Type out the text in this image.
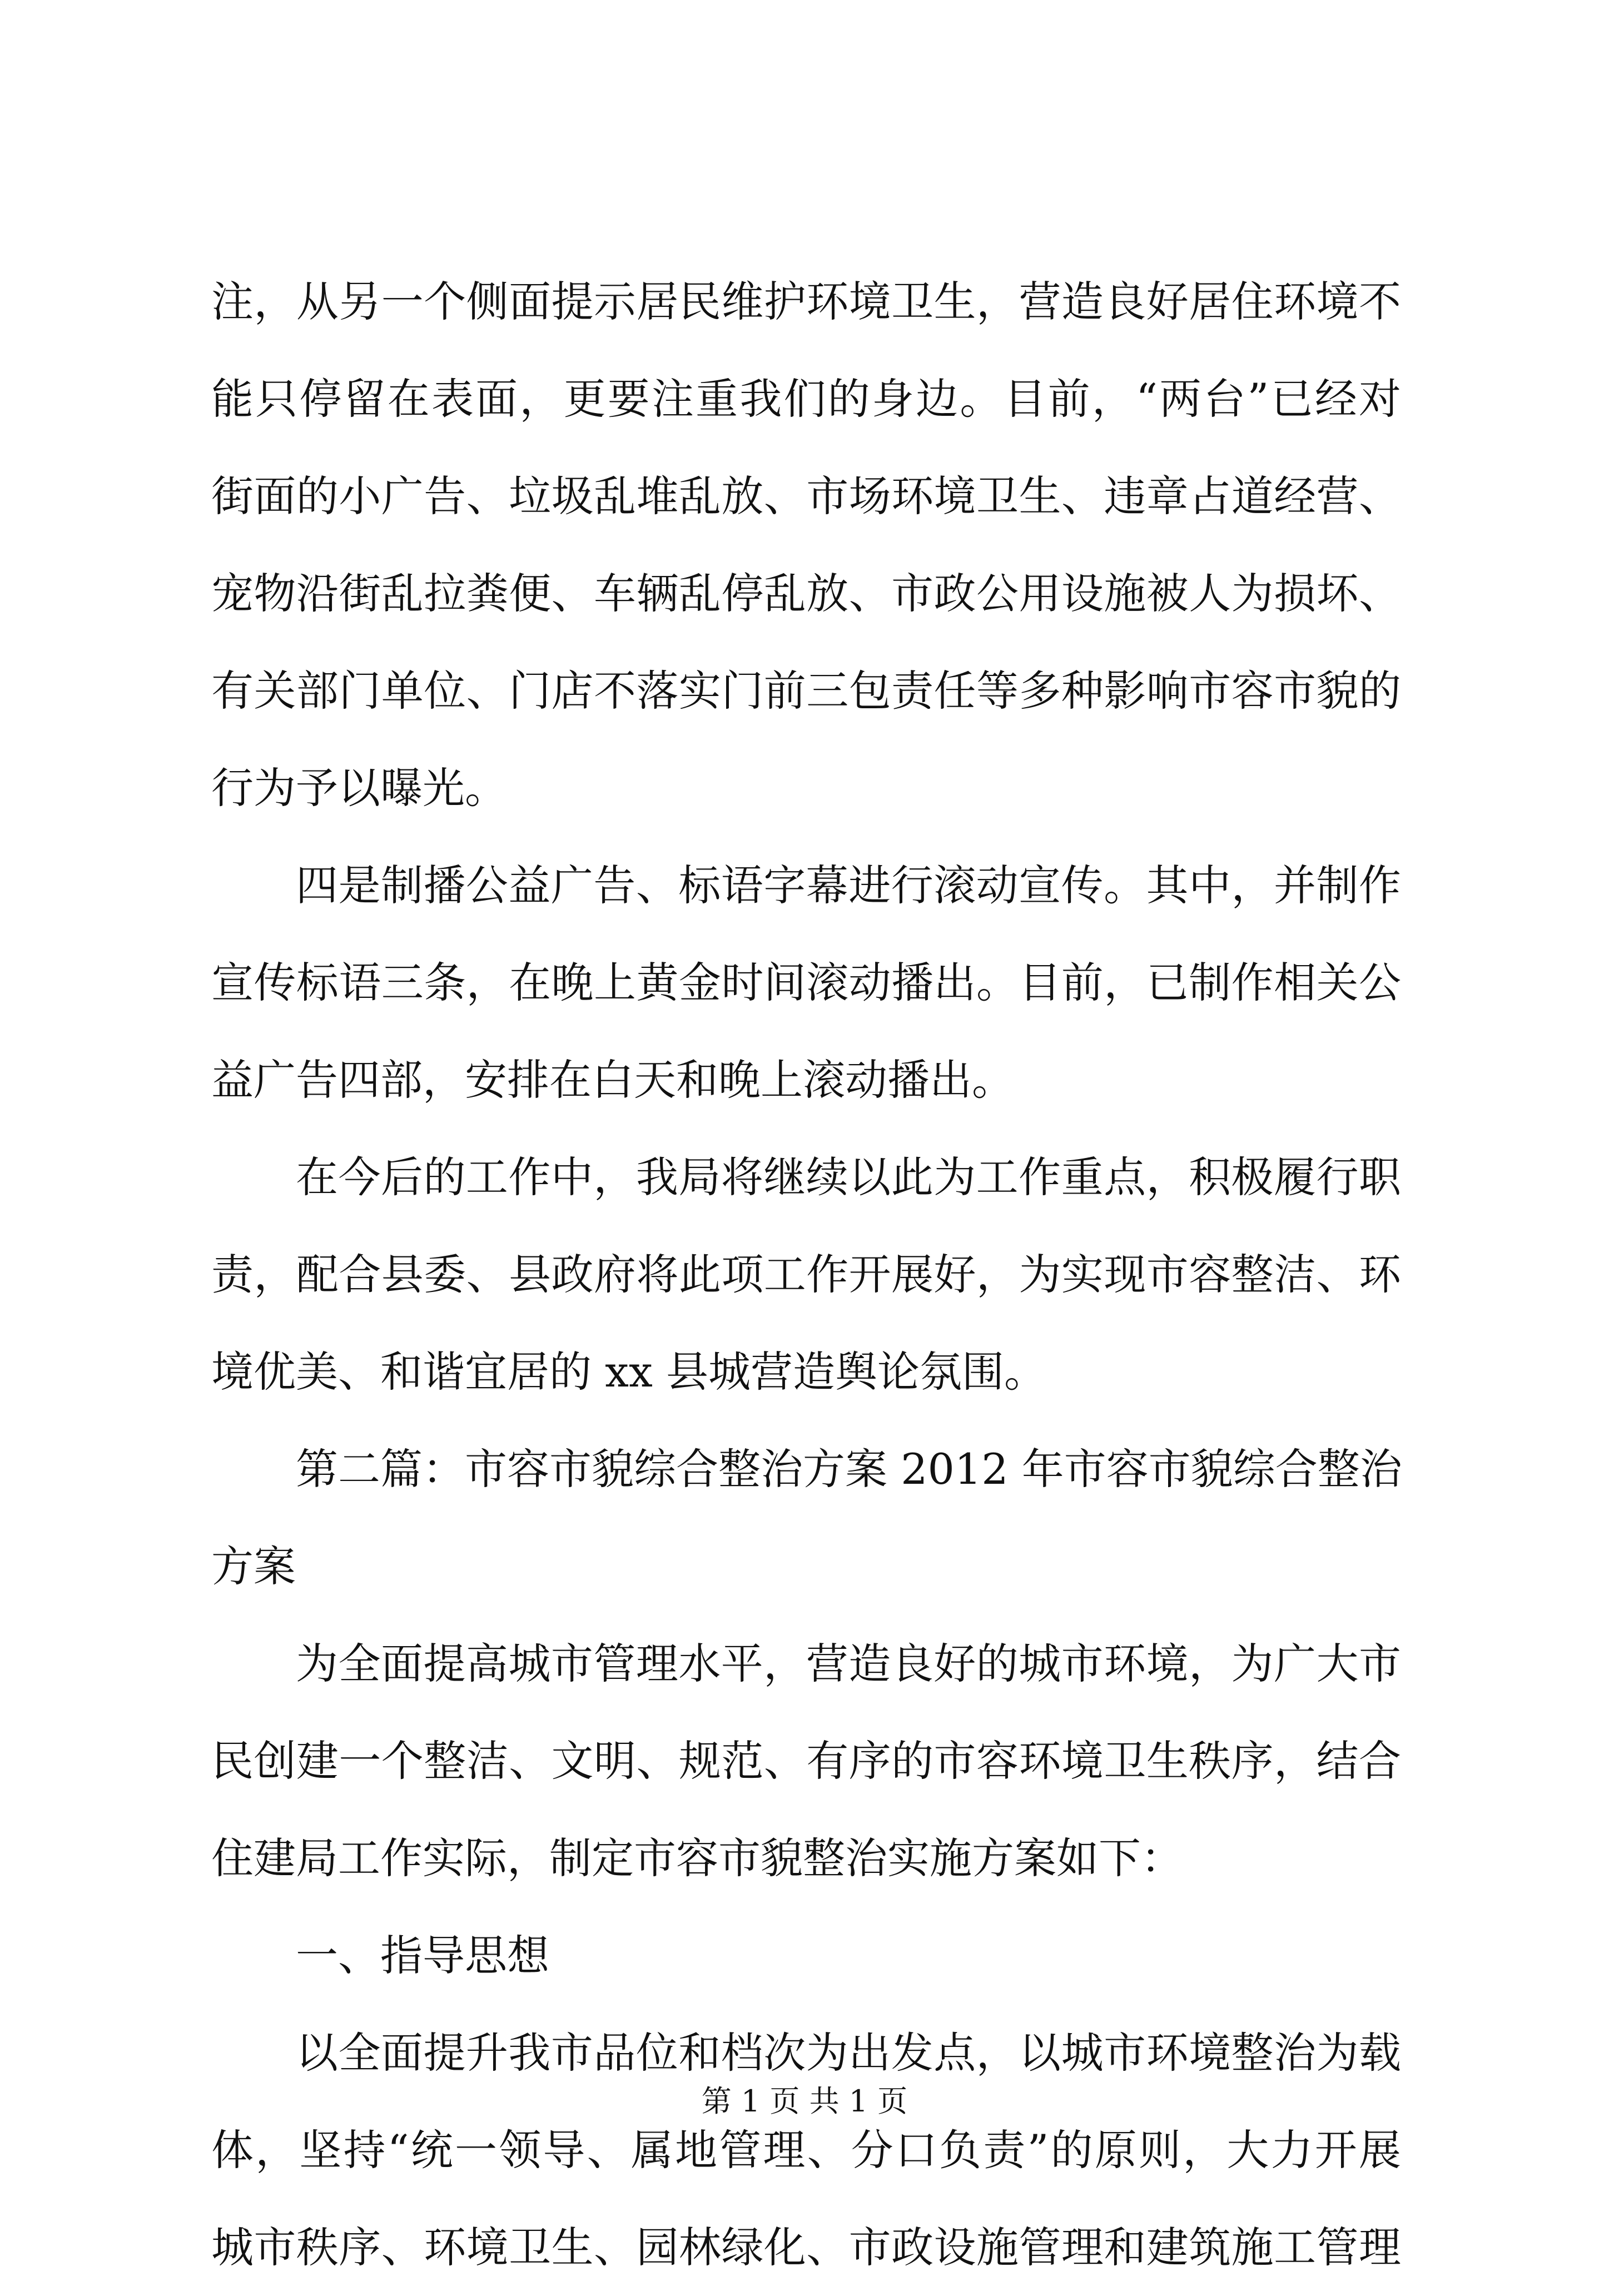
注，从另一个侧面提示居民维护环境卫生，营造良好居住环境不
能只停留在表面，更要注重我们的身边。目前，“两台”已经对
街面的小广告、垃圾乱堆乱放、市场环境卫生、违章占道经营、
宠物沿街乱拉粪便、车辆乱停乱放、市政公用设施被人为损坏、
有关部门单位、门店不落实门前三包责任等多种影响市容市貌的
行为予以曝光。
四是制播公益广告、标语字幕进行滚动宣传。其中，并制作
宣传标语三条，在晚上黄金时间滚动播出。目前，已制作相关公
益广告四部，安排在白天和晚上滚动播出。
在今后的工作中，我局将继续以此为工作重点，积极履行职
责，配合县委、县政府将此项工作开展好，为实现市容整洁、环
境优美、和谐宜居的 xx 县城营造舆论氛围。
第二篇：市容市貌综合整治方案 2012 年市容市貌综合整治
方案
为全面提高城市管理水平，营造良好的城市环境，为广大市
民创建一个整洁、文明、规范、有序的市容环境卫生秩序，结合
住建局工作实际，制定市容市貌整治实施方案如下：
一、指导思想
以全面提升我市品位和档次为出发点，以城市环境整治为载
体，坚持“统一领导、属地管理、分口负责”的原则，大力开展
城市秩序、环境卫生、园林绿化、市政设施管理和建筑施工管理
第 1 页 共 1 页
